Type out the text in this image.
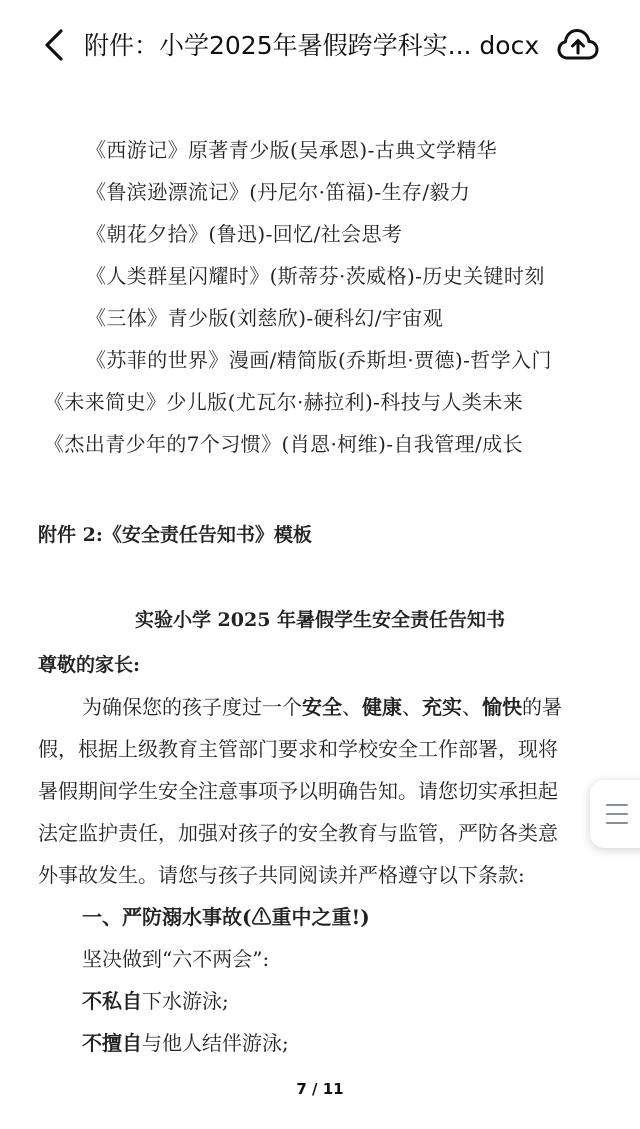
附件：小学2025年暑假跨学科实... docx
《西游记》原著青少版(吴承恩)-古典文学精华
《鲁滨逊漂流记》(丹尼尔·笛福)-生存/毅力
《朝花夕拾》(鲁迅)-回忆/社会思考
《人类群星闪耀时》(斯蒂芬·茨威格)-历史关键时刻
《三体》青少版(刘慈欣)-硬科幻/宇宙观
《苏菲的世界》漫画/精简版(乔斯坦·贾德)-哲学入门
《未来简史》少儿版(尤瓦尔·赫拉利)-科技与人类未来
《杰出青少年的7个习惯》(肖恩·柯维)-自我管理/成长
附件 2:《安全责任告知书》模板
实验小学 2025 年暑假学生安全责任告知书
尊敬的家长:
为确保您的孩子度过一个安全、健康、充实、愉快的暑
假，根据上级教育主管部门要求和学校安全工作部署，现将
暑假期间学生安全注意事项予以明确告知。请您切实承担起
法定监护责任，加强对孩子的安全教育与监管，严防各类意
外事故发生。请您与孩子共同阅读并严格遵守以下条款:
一、严防溺水事故(⚠重中之重!)
坚决做到“六不两会”:
不私自下水游泳;
不擅自与他人结伴游泳;
7 / 11
